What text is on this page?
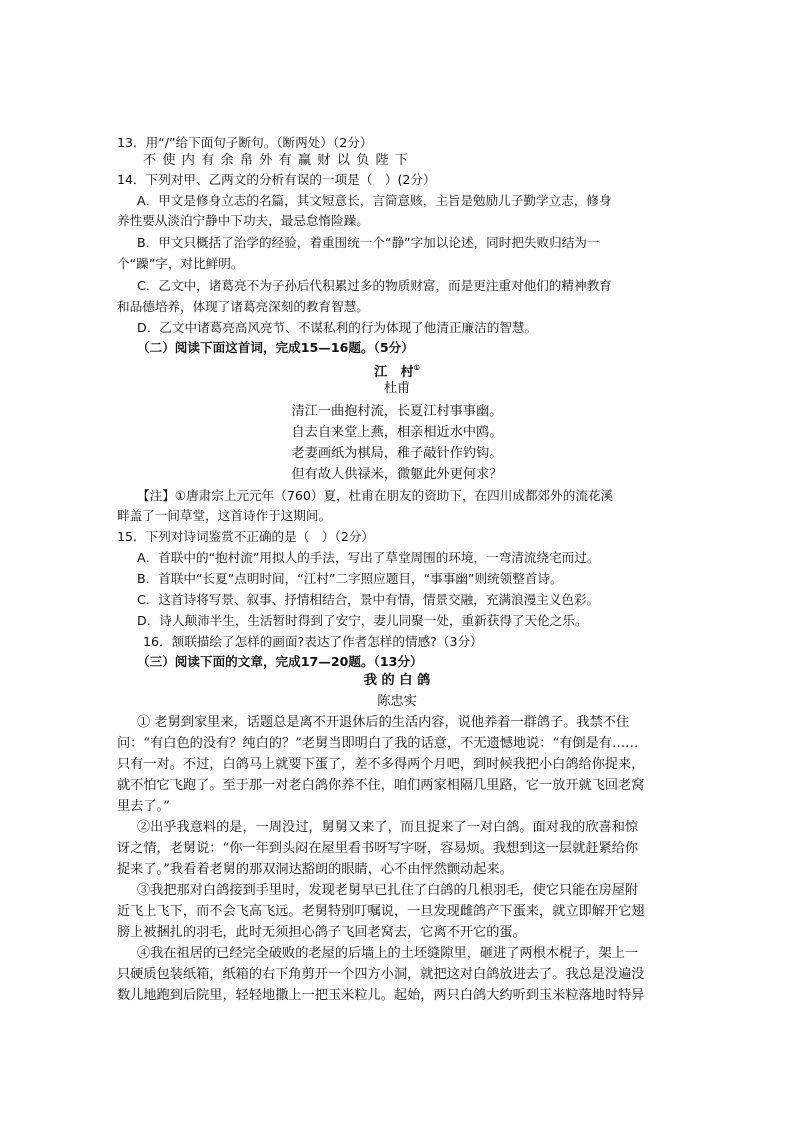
13．用“/”给下面句子断句。（断两处）（2分）
不 使 内 有 余 帛 外 有 赢 财 以 负 陛 下
14．下列对甲、乙两文的分析有误的一项是（　）(2分）
A．甲文是修身立志的名篇，其文短意长，言简意赅，主旨是勉励儿子勤学立志，修身
养性要从淡泊宁静中下功夫，最忌怠惰险躁。
B．甲文只概括了治学的经验，着重围统一个“静”字加以论述，同时把失败归结为一
个“躁”字，对比鲜明。
C．乙文中，诸葛亮不为子孙后代积累过多的物质财富，而是更注重对他们的精神教育
和品德培养，体现了诸葛亮深刻的教育智慧。
D．乙文中诸葛亮高风亮节、不谋私利的行为体现了他清正廉洁的智慧。
（二）阅读下面这首词，完成15—16题。（5分）
江　村①
杜甫
清江一曲抱村流，长夏江村事事幽。
自去自来堂上燕，相亲相近水中鸥。
老妻画纸为棋局，稚子敲针作钓钩。
但有故人供禄米，微躯此外更何求？
【注】①唐肃宗上元元年（760）夏，杜甫在朋友的资助下，在四川成都郊外的流花溪
畔盖了一间草堂，这首诗作于这期间。
15．下列对诗词鉴赏不正确的是（　）（2分）
A．首联中的“抱村流”用拟人的手法，写出了草堂周围的环境，一弯清流绕宅而过。
B．首联中“长夏”点明时间，“江村”二字照应题目，“事事幽”则统领整首诗。
C．这首诗将写景、叙事、抒情相结合，景中有情，情景交融，充满浪漫主义色彩。
D．诗人颠沛半生，生活暂时得到了安宁，妻儿同聚一处，重新获得了天伦之乐。
16．颔联描绘了怎样的画面?表达了作者怎样的情感?（3分）
（三）阅读下面的文章，完成17—20题。（13分）
我 的 白 鸽
陈忠实
① 老舅到家里来，话题总是离不开退休后的生活内容，说他养着一群鸽子。我禁不住
问：“有白色的没有？纯白的？”老舅当即明白了我的话意，不无遗憾地说：“有倒是有……
只有一对。不过，白鸽马上就要下蛋了，差不多得两个月吧，到时候我把小白鸽给你捉来，
就不怕它飞跑了。至于那一对老白鸽你养不住，咱们两家相隔几里路，它一放开就飞回老窝
里去了。”
②出乎我意料的是，一周没过，舅舅又来了，而且捉来了一对白鸽。面对我的欣喜和惊
讶之情，老舅说：“你一年到头闷在屋里看书呀写字呀，容易烦。我想到这一层就赶紧给你
捉来了。”我看着老舅的那双洞达豁朗的眼睛，心不由怦然颤动起来。
③我把那对白鸽接到手里时，发现老舅早已扎住了白鸽的几根羽毛，使它只能在房屋附
近飞上飞下，而不会飞高飞远。老舅特别叮嘱说，一旦发现雌鸽产下蛋来，就立即解开它翅
膀上被捆扎的羽毛，此时无须担心鸽子飞回老窝去，它离不开它的蛋。
④我在祖居的已经完全破败的老屋的后墙上的土坯缝隙里，砸进了两根木棍子，架上一
只硬质包装纸箱，纸箱的右下角剪开一个四方小洞，就把这对白鸽放进去了。我总是没遍没
数儿地跑到后院里，轻轻地撒上一把玉米粒儿。起始，两只白鸽大约听到玉米粒落地时特异
